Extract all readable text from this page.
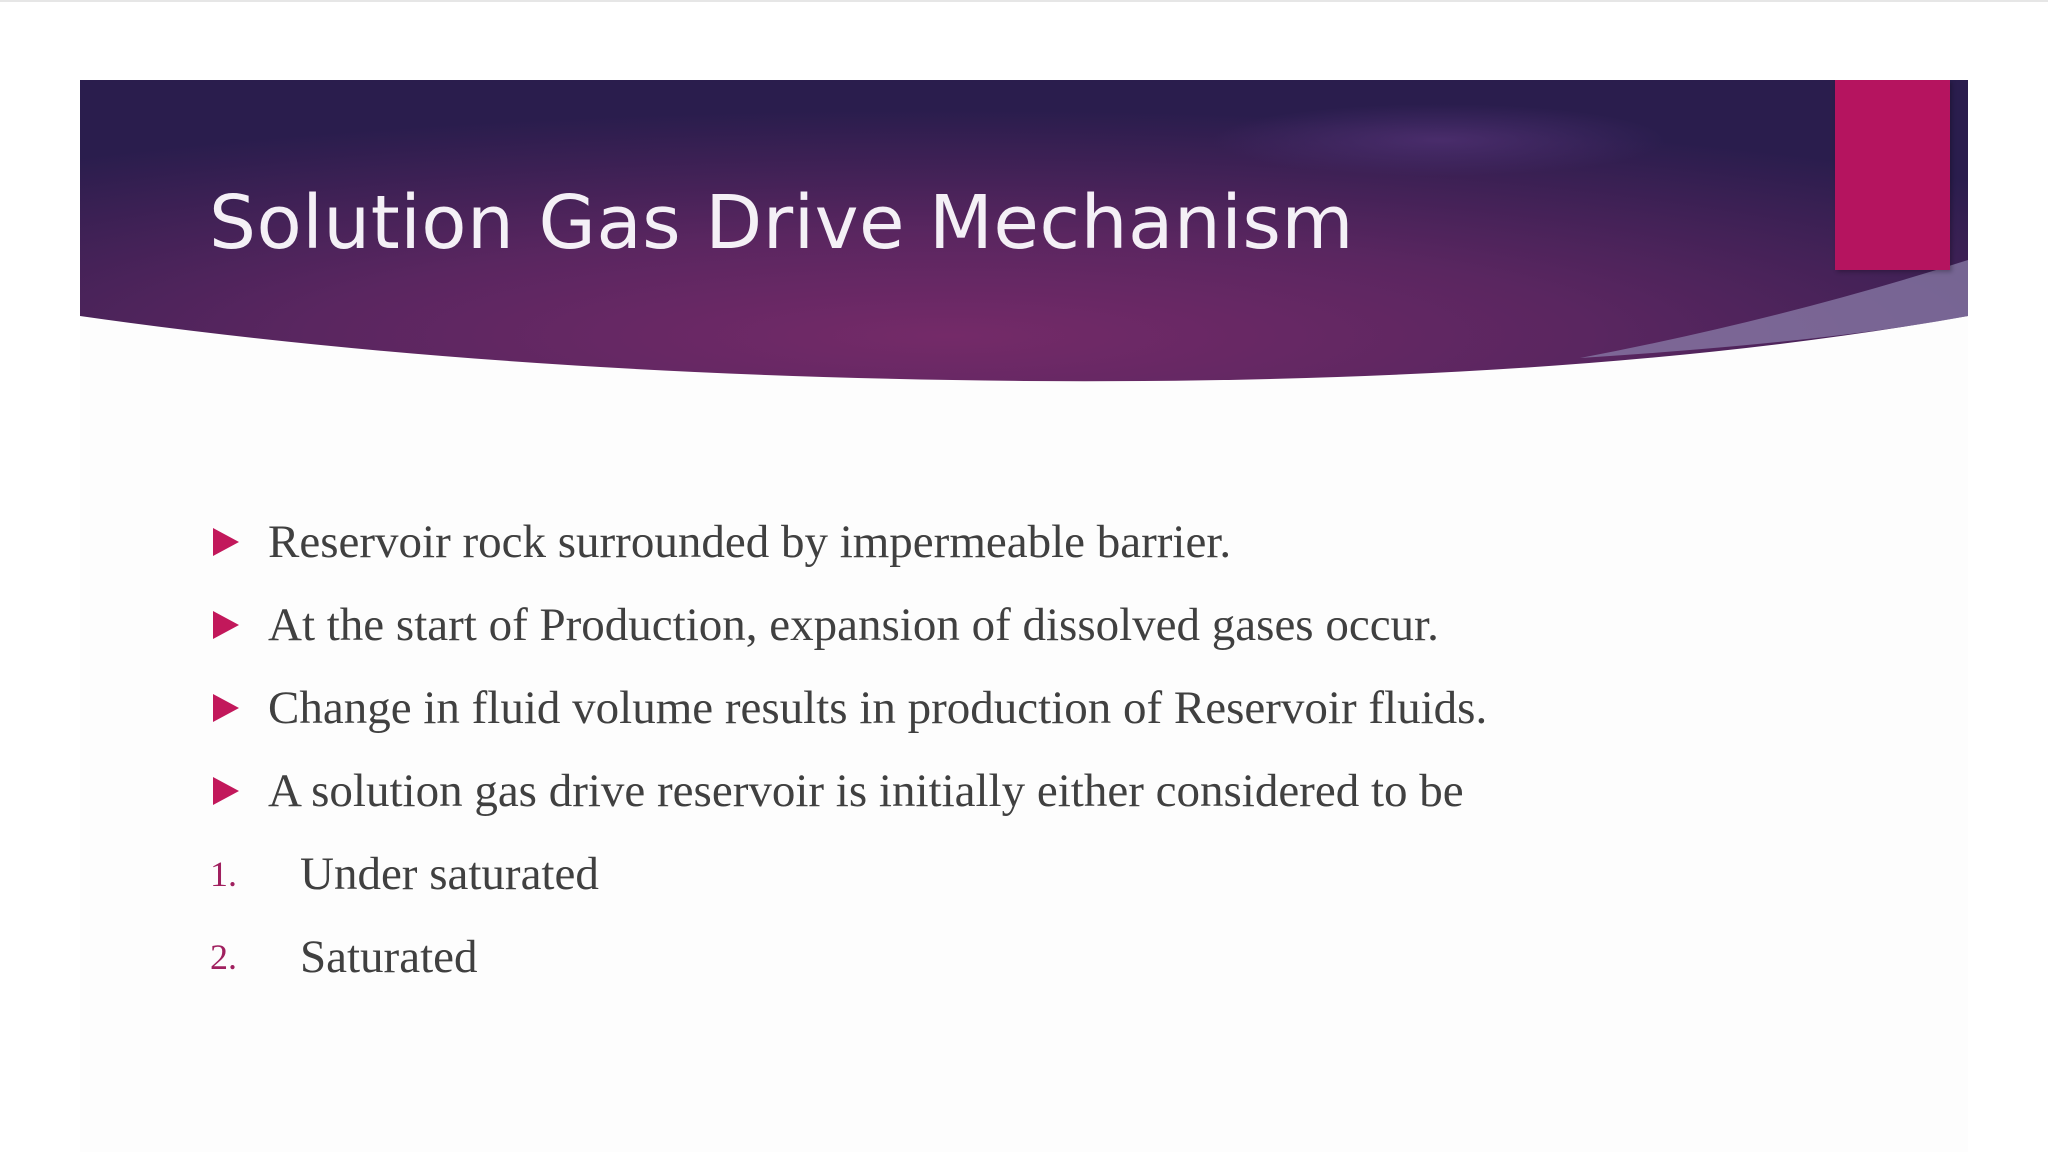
Solution Gas Drive Mechanism
Reservoir rock surrounded by impermeable barrier.
At the start of Production, expansion of dissolved gases occur.
Change in fluid volume results in production of Reservoir fluids.
A solution gas drive reservoir is initially either considered to be
1.	Under saturated
2.	Saturated
